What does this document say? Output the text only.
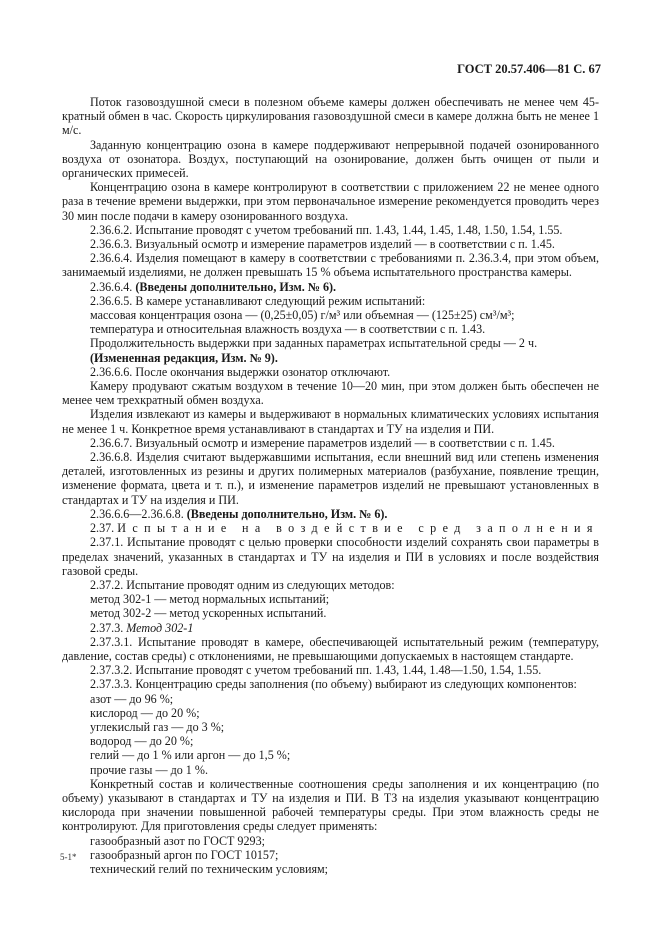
ГОСТ 20.57.406—81 С. 67

Поток газовоздушной смеси в полезном объеме камеры должен обеспечивать не менее чем 45-кратный обмен в час. Скорость циркулирования газовоздушной смеси в камере должна быть не менее 1 м/с.

Заданную концентрацию озона в камере поддерживают непрерывной подачей озонированного воздуха от озонатора. Воздух, поступающий на озонирование, должен быть очищен от пыли и органических примесей.

Концентрацию озона в камере контролируют в соответствии с приложением 22 не менее одного раза в течение времени выдержки, при этом первоначальное измерение рекомендуется проводить через 30 мин после подачи в камеру озонированного воздуха.

2.36.6.2. Испытание проводят с учетом требований пп. 1.43, 1.44, 1.45, 1.48, 1.50, 1.54, 1.55.

2.36.6.3. Визуальный осмотр и измерение параметров изделий — в соответствии с п. 1.45.

2.36.6.4. Изделия помещают в камеру в соответствии с требованиями п. 2.36.3.4, при этом объем, занимаемый изделиями, не должен превышать 15 % объема испытательного пространства камеры.

2.36.6.4. (Введены дополнительно, Изм. № 6).

2.36.6.5. В камере устанавливают следующий режим испытаний:

массовая концентрация озона — (0,25±0,05) г/м³ или объемная — (125±25) см³/м³;

температура и относительная влажность воздуха — в соответствии с п. 1.43.

Продолжительность выдержки при заданных параметрах испытательной среды — 2 ч.

(Измененная редакция, Изм. № 9).

2.36.6.6. После окончания выдержки озонатор отключают.

Камеру продувают сжатым воздухом в течение 10—20 мин, при этом должен быть обеспечен не менее чем трехкратный обмен воздуха.

Изделия извлекают из камеры и выдерживают в нормальных климатических условиях испытания не менее 1 ч. Конкретное время устанавливают в стандартах и ТУ на изделия и ПИ.

2.36.6.7. Визуальный осмотр и измерение параметров изделий — в соответствии с п. 1.45.

2.36.6.8. Изделия считают выдержавшими испытания, если внешний вид или степень изменения деталей, изготовленных из резины и других полимерных материалов (разбухание, появление трещин, изменение формата, цвета и т. п.), и изменение параметров изделий не превышают установленных в стандартах и ТУ на изделия и ПИ.

2.36.6.6—2.36.6.8. (Введены дополнительно, Изм. № 6).

2.37. Испытание на воздействие сред заполнения

2.37.1. Испытание проводят с целью проверки способности изделий сохранять свои параметры в пределах значений, указанных в стандартах и ТУ на изделия и ПИ в условиях и после воздействия газовой среды.

2.37.2. Испытание проводят одним из следующих методов:

метод 302-1 — метод нормальных испытаний;

метод 302-2 — метод ускоренных испытаний.

2.37.3. Метод 302-1

2.37.3.1. Испытание проводят в камере, обеспечивающей испытательный режим (температуру, давление, состав среды) с отклонениями, не превышающими допускаемых в настоящем стандарте.

2.37.3.2. Испытание проводят с учетом требований пп. 1.43, 1.44, 1.48—1.50, 1.54, 1.55.

2.37.3.3. Концентрацию среды заполнения (по объему) выбирают из следующих компонентов:

азот — до 96 %;

кислород — до 20 %;

углекислый газ — до 3 %;

водород — до 20 %;

гелий — до 1 % или аргон — до 1,5 %;

прочие газы — до 1 %.

Конкретный состав и количественные соотношения среды заполнения и их концентрацию (по объему) указывают в стандартах и ТУ на изделия и ПИ. В ТЗ на изделия указывают концентрацию кислорода при значении повышенной рабочей температуры среды. При этом влажность среды не контролируют. Для приготовления среды следует применять:

газообразный азот по ГОСТ 9293;

газообразный аргон по ГОСТ 10157;

технический гелий по техническим условиям;

5-1*
